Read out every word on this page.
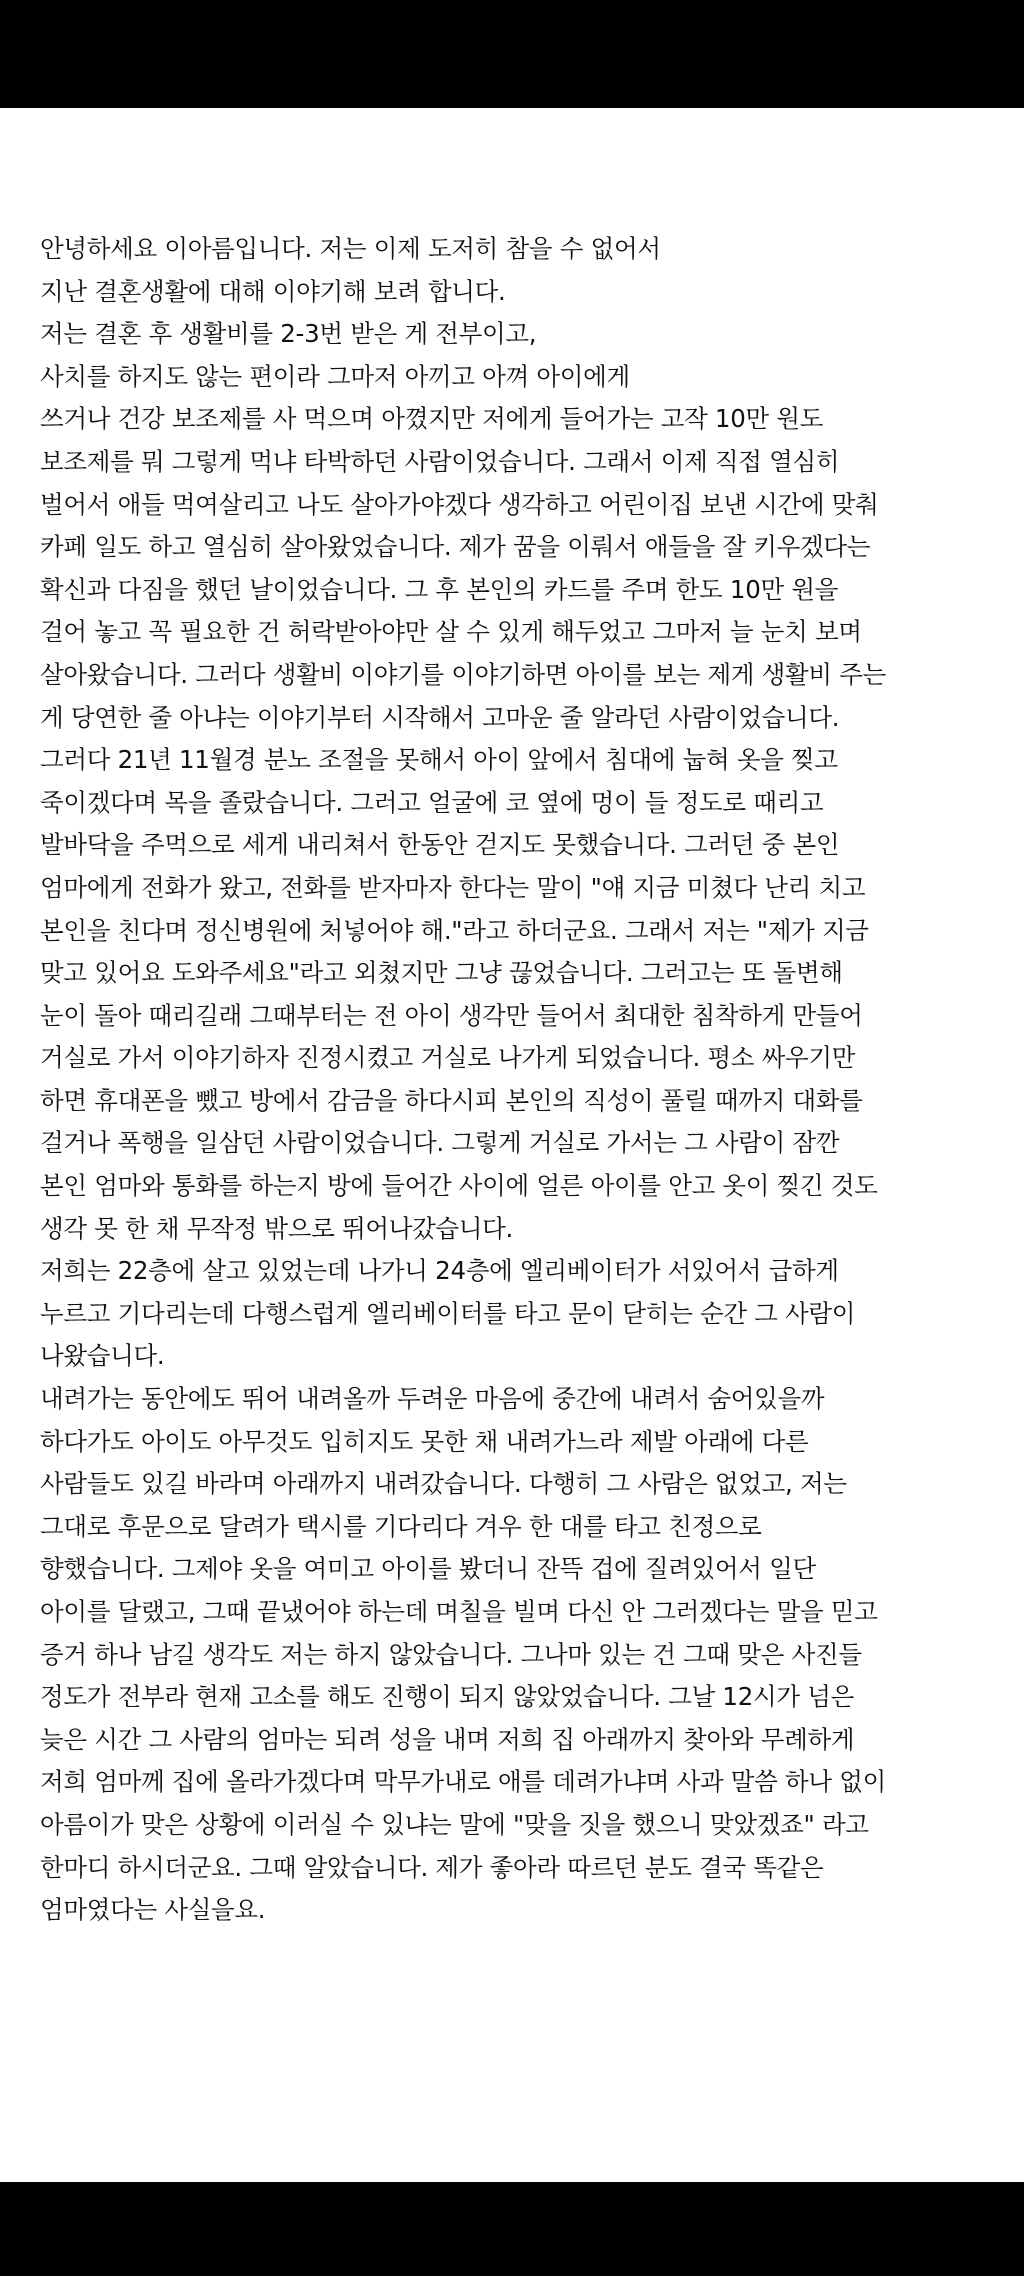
안녕하세요 이아름입니다. 저는 이제 도저히 참을 수 없어서
지난 결혼생활에 대해 이야기해 보려 합니다.
저는 결혼 후 생활비를 2-3번 받은 게 전부이고,
사치를 하지도 않는 편이라 그마저 아끼고 아껴 아이에게
쓰거나 건강 보조제를 사 먹으며 아꼈지만 저에게 들어가는 고작 10만 원도
보조제를 뭐 그렇게 먹냐 타박하던 사람이었습니다. 그래서 이제 직접 열심히
벌어서 애들 먹여살리고 나도 살아가야겠다 생각하고 어린이집 보낸 시간에 맞춰
카페 일도 하고 열심히 살아왔었습니다. 제가 꿈을 이뤄서 애들을 잘 키우겠다는
확신과 다짐을 했던 날이었습니다. 그 후 본인의 카드를 주며 한도 10만 원을
걸어 놓고 꼭 필요한 건 허락받아야만 살 수 있게 해두었고 그마저 늘 눈치 보며
살아왔습니다. 그러다 생활비 이야기를 이야기하면 아이를 보는 제게 생활비 주는
게 당연한 줄 아냐는 이야기부터 시작해서 고마운 줄 알라던 사람이었습니다.
그러다 21년 11월경 분노 조절을 못해서 아이 앞에서 침대에 눕혀 옷을 찢고
죽이겠다며 목을 졸랐습니다. 그러고 얼굴에 코 옆에 멍이 들 정도로 때리고
발바닥을 주먹으로 세게 내리쳐서 한동안 걷지도 못했습니다. 그러던 중 본인
엄마에게 전화가 왔고, 전화를 받자마자 한다는 말이 "얘 지금 미쳤다 난리 치고
본인을 친다며 정신병원에 처넣어야 해."라고 하더군요. 그래서 저는 "제가 지금
맞고 있어요 도와주세요"라고 외쳤지만 그냥 끊었습니다. 그러고는 또 돌변해
눈이 돌아 때리길래 그때부터는 전 아이 생각만 들어서 최대한 침착하게 만들어
거실로 가서 이야기하자 진정시켰고 거실로 나가게 되었습니다. 평소 싸우기만
하면 휴대폰을 뺐고 방에서 감금을 하다시피 본인의 직성이 풀릴 때까지 대화를
걸거나 폭행을 일삼던 사람이었습니다. 그렇게 거실로 가서는 그 사람이 잠깐
본인 엄마와 통화를 하는지 방에 들어간 사이에 얼른 아이를 안고 옷이 찢긴 것도
생각 못 한 채 무작정 밖으로 뛰어나갔습니다.
저희는 22층에 살고 있었는데 나가니 24층에 엘리베이터가 서있어서 급하게
누르고 기다리는데 다행스럽게 엘리베이터를 타고 문이 닫히는 순간 그 사람이
나왔습니다.
내려가는 동안에도 뛰어 내려올까 두려운 마음에 중간에 내려서 숨어있을까
하다가도 아이도 아무것도 입히지도 못한 채 내려가느라 제발 아래에 다른
사람들도 있길 바라며 아래까지 내려갔습니다. 다행히 그 사람은 없었고, 저는
그대로 후문으로 달려가 택시를 기다리다 겨우 한 대를 타고 친정으로
향했습니다. 그제야 옷을 여미고 아이를 봤더니 잔뜩 겁에 질려있어서 일단
아이를 달랬고, 그때 끝냈어야 하는데 며칠을 빌며 다신 안 그러겠다는 말을 믿고
증거 하나 남길 생각도 저는 하지 않았습니다. 그나마 있는 건 그때 맞은 사진들
정도가 전부라 현재 고소를 해도 진행이 되지 않았었습니다. 그날 12시가 넘은
늦은 시간 그 사람의 엄마는 되려 성을 내며 저희 집 아래까지 찾아와 무례하게
저희 엄마께 집에 올라가겠다며 막무가내로 애를 데려가냐며 사과 말씀 하나 없이
아름이가 맞은 상황에 이러실 수 있냐는 말에 "맞을 짓을 했으니 맞았겠죠" 라고
한마디 하시더군요. 그때 알았습니다. 제가 좋아라 따르던 분도 결국 똑같은
엄마였다는 사실을요.
